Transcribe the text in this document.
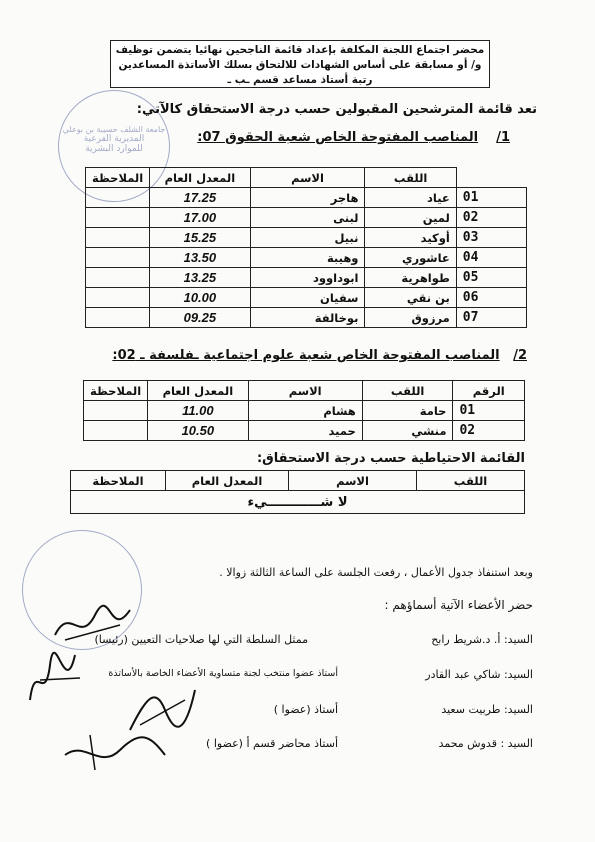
محضر اجتماع اللجنة المكلفة بإعداد قائمة الناجحين نهائيا يتضمن توظيف
و/ أو مسابقة على أساس الشهادات للالتحاق بسلك الأساتذة المساعدين
رتبة أستاذ مساعد قسم ـب ـ
جامعة الشلف حسيبة بن بوعلي
المديرية الفرعية
للموارد البشرية
تعد قائمة المترشحين المقبولين حسب درجة الاستحقاق كالآتي:
1/    المناصب المفتوحة الخاص شعبة الحقوق 07:
	اللقب	الاسم	المعدل العام	الملاحظة
01	عياد	هاجر	17.25	
02	لمين	لبنى	17.00	
03	أوكيد	نبيل	15.25	
04	عاشوري	وهيبة	13.50	
05	طواهرية	ابوداوود	13.25	
06	بن نقي	سفيان	10.00	
07	مرزوق	بوخالفة	09.25	
2/   المناصب المفتوحة الخاص شعبة علوم اجتماعية ـفلسفة ـ 02:
الرقم	اللقب	الاسم	المعدل العام	الملاحظة
01	حامة	هشام	11.00	
02	منشي	حميد	10.50	
القائمة الاحتياطية حسب درجة الاستحقاق:
اللقب	الاسم	المعدل العام	الملاحظة
لا شــــــــــــيء
وبعد استنفاذ جدول الأعمال ، رفعت الجلسة على الساعة الثالثة زوالا .
حضر الأعضاء الآتية أسماؤهم :
السيد: أ. د.شريط رابح
ممثل السلطة التي لها صلاحيات التعيين (رئيسا)
السيد: شاكي عبد القادر
أستاذ عضوا منتخب لجنة متساوية الأعضاء الخاصة بالأساتذة
السيد: طربيت سعيد
أستاذ (عضوا )
السيد : قدوش محمد
أستاذ محاضر قسم أ (عضوا )
